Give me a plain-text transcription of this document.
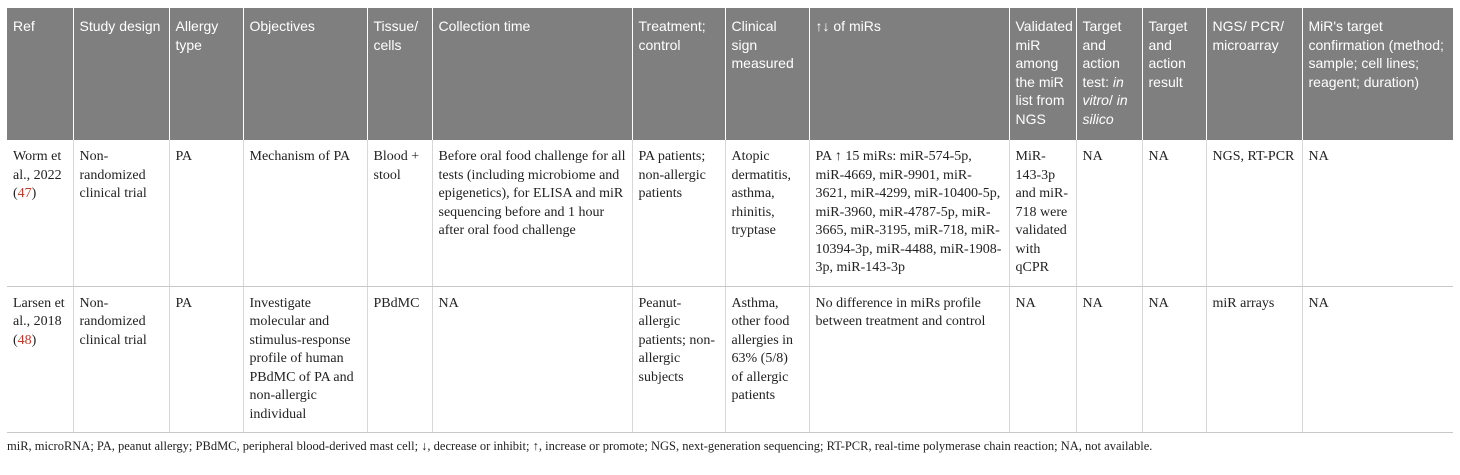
Ref	Study design	Allergy type	Objectives	Tissue/ cells	Collection time	Treatment; control	Clinical sign measured	↑↓ of miRs	Validated miR among the miR list from NGS	Target and action test: in vitro/ in silico	Target and action result	NGS/ PCR/ microarray	MiR's target confirmation (method; sample; cell lines; reagent; duration)
Worm et al., 2022 (47)	Non-randomized clinical trial	PA	Mechanism of PA	Blood + stool	Before oral food challenge for all tests (including microbiome and epigenetics), for ELISA and miR sequencing before and 1 hour after oral food challenge	PA patients; non-allergic patients	Atopic dermatitis, asthma, rhinitis, tryptase	PA ↑ 15 miRs: miR-574-5p, miR-4669, miR-9901, miR-3621, miR-4299, miR-10400-5p, miR-3960, miR-4787-5p, miR-3665, miR-3195, miR-718, miR-10394-3p, miR-4488, miR-1908-3p, miR-143-3p	MiR-143-3p and miR-718 were validated with qCPR	NA	NA	NGS, RT-PCR	NA
Larsen et al., 2018 (48)	Non-randomized clinical trial	PA	Investigate molecular and stimulus-response profile of human PBdMC of PA and non-allergic individual	PBdMC	NA	Peanut-allergic patients; non-allergic subjects	Asthma, other food allergies in 63% (5/8) of allergic patients	No difference in miRs profile between treatment and control	NA	NA	NA	miR arrays	NA
miR, microRNA; PA, peanut allergy; PBdMC, peripheral blood-derived mast cell; ↓, decrease or inhibit; ↑, increase or promote; NGS, next-generation sequencing; RT-PCR, real-time polymerase chain reaction; NA, not available.
